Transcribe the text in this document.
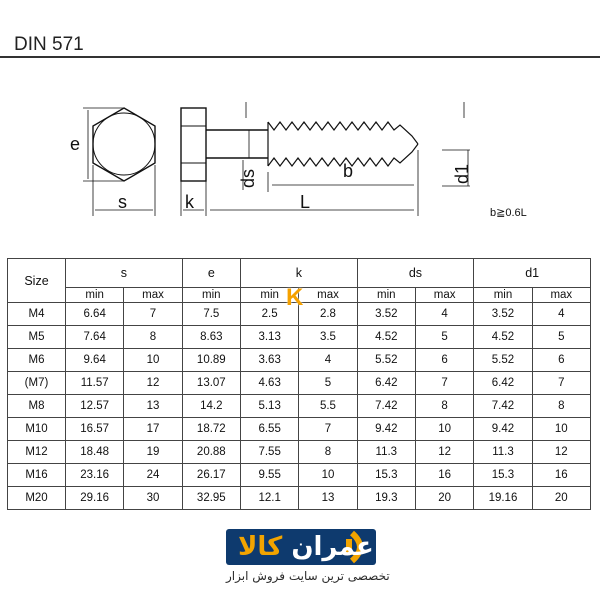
DIN 571
e
s	k	L
ds	b	d1
b≧0.6L
Size	s		e	k		ds		d1	
	min	max	min	min	max	min	max	min	max
M4	6.64	7	7.5	2.5	2.8	3.52	4	3.52	4
M5	7.64	8	8.63	3.13	3.5	4.52	5	4.52	5
M6	9.64	10	10.89	3.63	4	5.52	6	5.52	6
(M7)	11.57	12	13.07	4.63	5	6.42	7	6.42	7
M8	12.57	13	14.2	5.13	5.5	7.42	8	7.42	8
M10	16.57	17	18.72	6.55	7	9.42	10	9.42	10
M12	18.48	19	20.88	7.55	8	11.3	12	11.3	12
M16	23.16	24	26.17	9.55	10	15.3	16	15.3	16
M20	29.16	30	32.95	12.1	13	19.3	20	19.16	20
K
عمران کالا
تخصصی ترین سایت فروش ابزار
